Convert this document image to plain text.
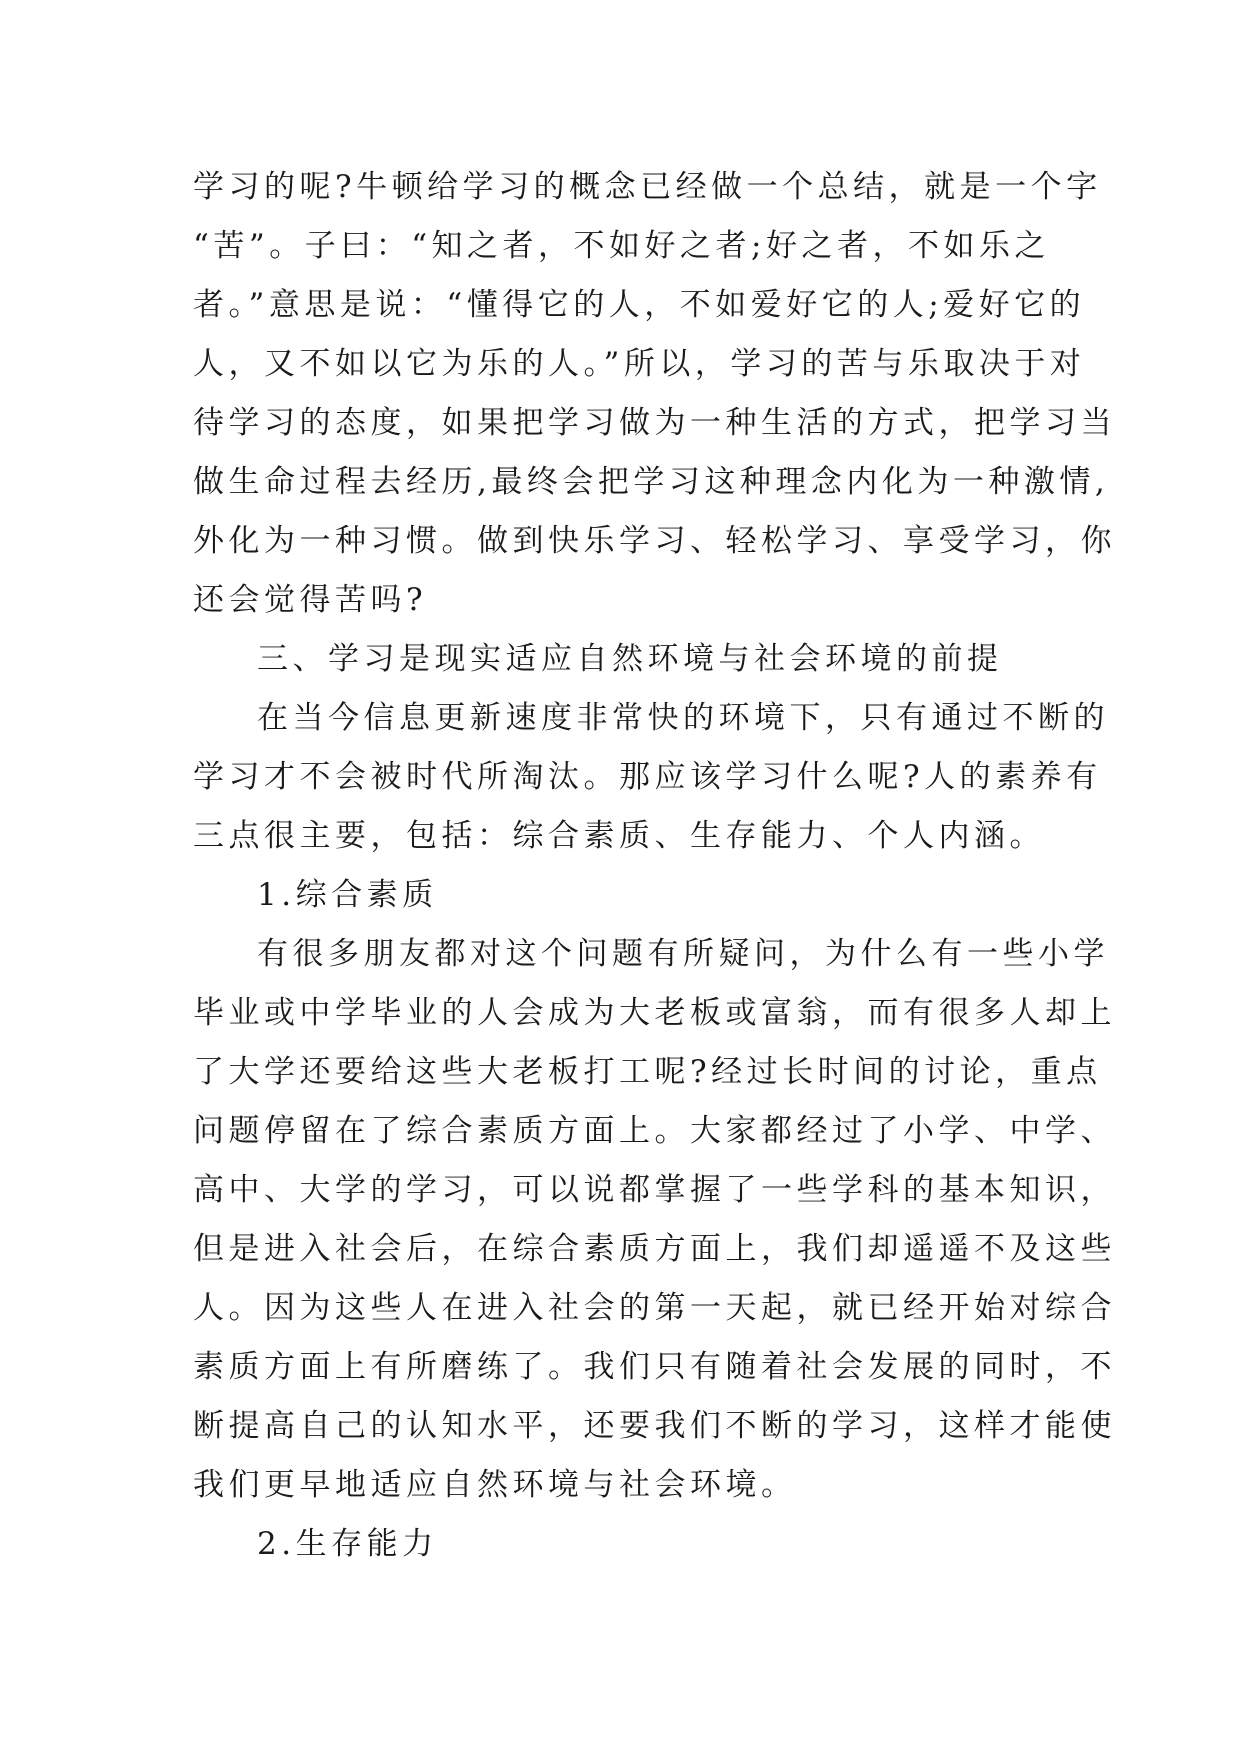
学习的呢?牛顿给学习的概念已经做一个总结，就是一个字
“苦”。子曰：“知之者，不如好之者;好之者，不如乐之
者。”意思是说：“懂得它的人，不如爱好它的人;爱好它的
人，又不如以它为乐的人。”所以，学习的苦与乐取决于对
待学习的态度，如果把学习做为一种生活的方式，把学习当
做生命过程去经历,最终会把学习这种理念内化为一种激情,
外化为一种习惯。做到快乐学习、轻松学习、享受学习，你
还会觉得苦吗?
三、学习是现实适应自然环境与社会环境的前提
在当今信息更新速度非常快的环境下，只有通过不断的
学习才不会被时代所淘汰。那应该学习什么呢?人的素养有
三点很主要，包括：综合素质、生存能力、个人内涵。
1.综合素质
有很多朋友都对这个问题有所疑问，为什么有一些小学
毕业或中学毕业的人会成为大老板或富翁，而有很多人却上
了大学还要给这些大老板打工呢?经过长时间的讨论，重点
问题停留在了综合素质方面上。大家都经过了小学、中学、
高中、大学的学习，可以说都掌握了一些学科的基本知识，
但是进入社会后，在综合素质方面上，我们却遥遥不及这些
人。因为这些人在进入社会的第一天起，就已经开始对综合
素质方面上有所磨练了。我们只有随着社会发展的同时，不
断提高自己的认知水平，还要我们不断的学习，这样才能使
我们更早地适应自然环境与社会环境。
2.生存能力
